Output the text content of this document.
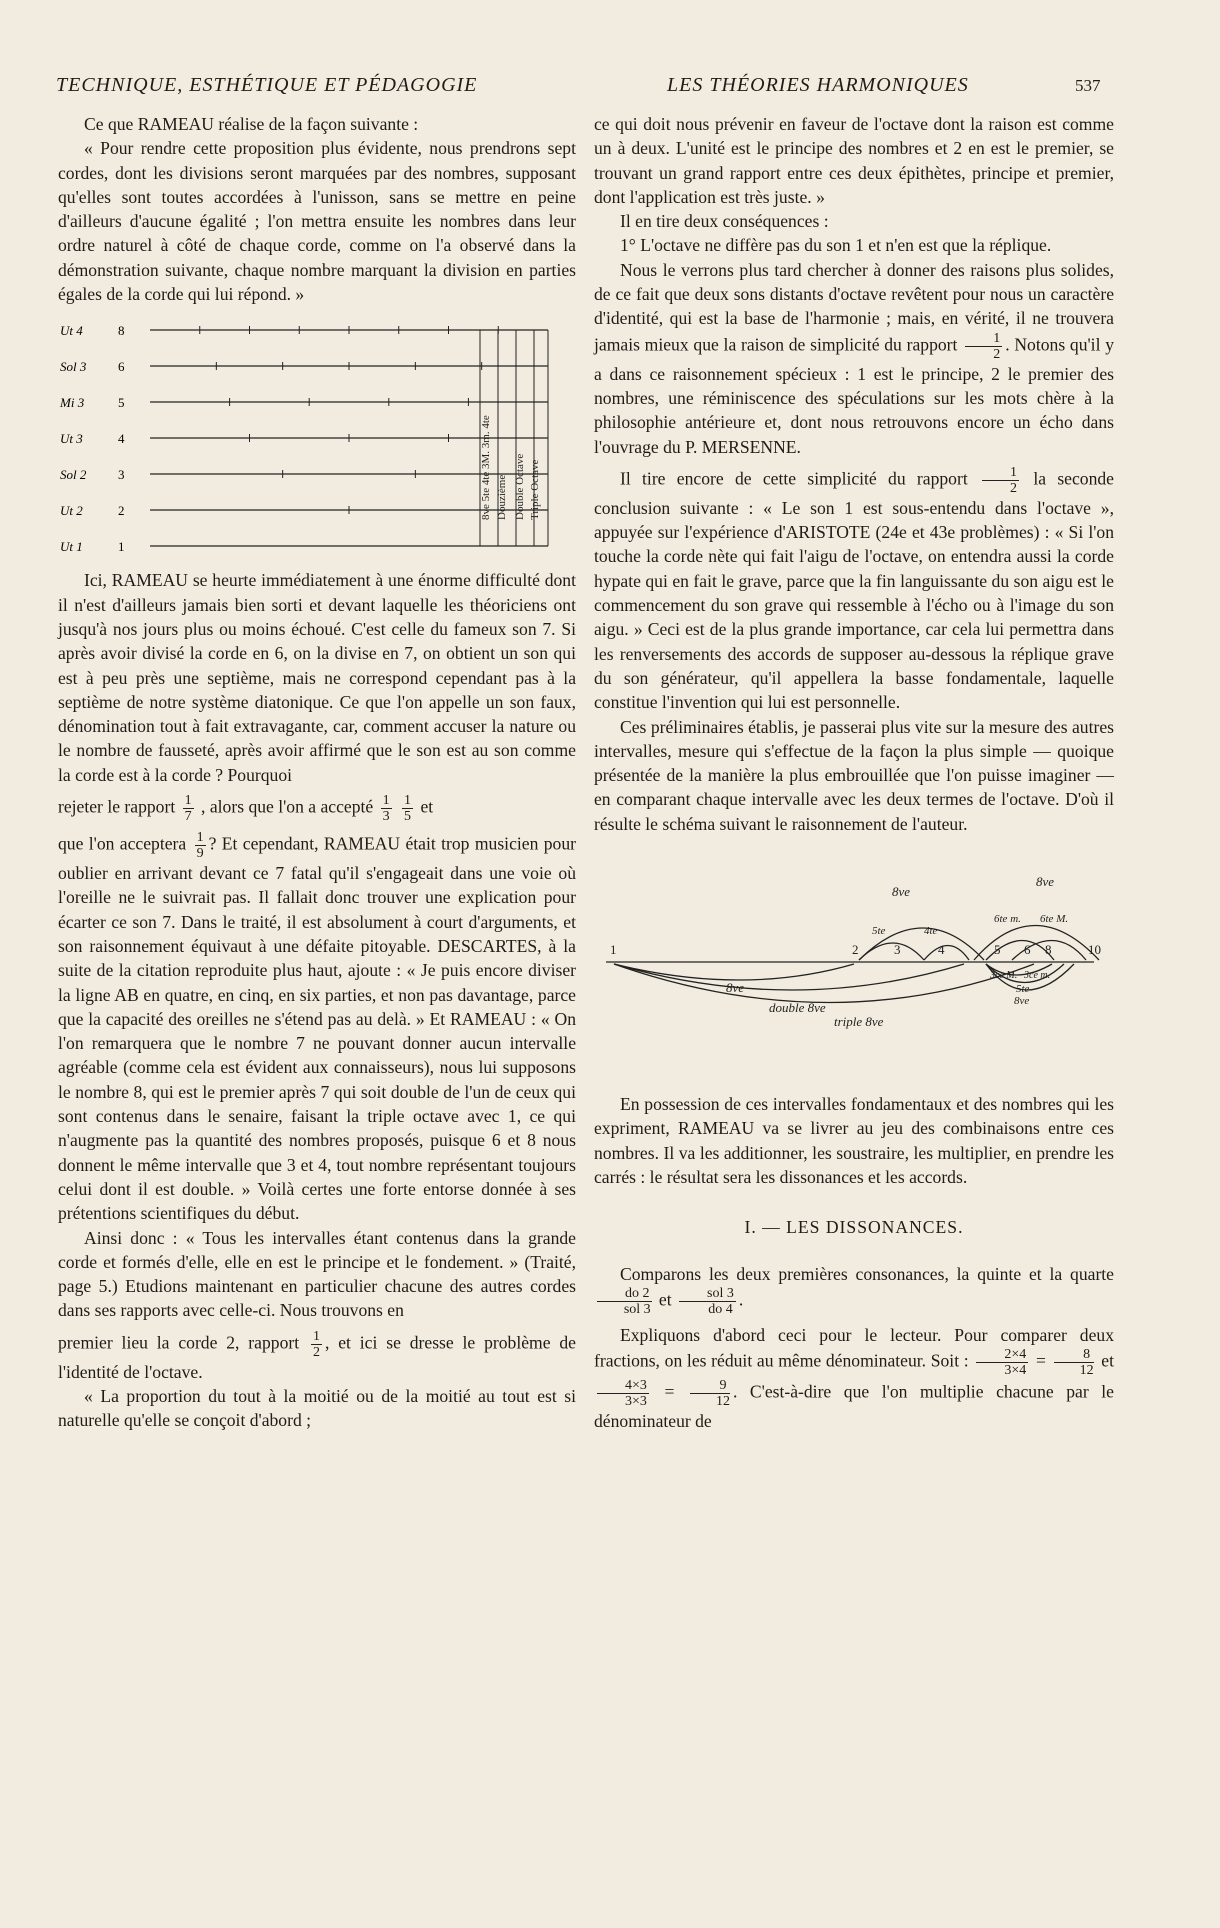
TECHNIQUE, ESTHÉTIQUE ET PÉDAGOGIE	LES THÉORIES HARMONIQUES	537

Ce que RAMEAU réalise de la façon suivante :

« Pour rendre cette proposition plus évidente, nous prendrons sept cordes, dont les divisions seront marquées par des nombres, supposant qu'elles sont toutes accordées à l'unisson, sans se mettre en peine d'ailleurs d'aucune égalité ; l'on mettra ensuite les nombres dans leur ordre naturel à côté de chaque corde, comme on l'a observé dans la démonstration suivante, chaque nombre marquant la division en parties égales de la corde qui lui répond. »

Ut 4	8
Sol 3 6
Mi 3	5
Ut 3	4
Sol 2 3
Ut 2	2
Ut 1	1
8ve 5te 4te 3M. 3m. 4te Douzième Double Octave Triple Octave

Ici, RAMEAU se heurte immédiatement à une énorme difficulté dont il n'est d'ailleurs jamais bien sorti et devant laquelle les théoriciens ont jusqu'à nos jours plus ou moins échoué. C'est celle du fameux son 7. Si après avoir divisé la corde en 6, on la divise en 7, on obtient un son qui est à peu près une septième, mais ne correspond cependant pas à la septième de notre système diatonique. Ce que l'on appelle un son faux, dénomination tout à fait extravagante, car, comment accuser la nature ou le nombre de fausseté, après avoir affirmé que le son est au son comme la corde est à la corde ? Pourquoi

rejeter le rapport $\frac{1}{7}$ , alors que l'on a accepté $\frac{1}{3}$
$\frac{1}{5}$ et

que l'on acceptera $\frac{1}{9}$ ? Et cependant, RAMEAU était trop musicien pour oublier en arrivant devant ce 7 fatal qu'il s'engageait dans une voie où l'oreille ne le suivrait pas. Il fallait donc trouver une explication pour écarter ce son 7. Dans le traité, il est absolument à court d'arguments, et son raisonnement équivaut à une défaite pitoyable. DESCARTES, à la suite de la citation reproduite plus haut, ajoute : « Je puis encore diviser la ligne AB en quatre, en cinq, en six parties, et non pas davantage, parce que la capacité des oreilles ne s'étend pas au delà. » Et RAMEAU : « On l'on remarquera que le nombre 7 ne pouvant donner aucun intervalle agréable (comme cela est évident aux connaisseurs), nous lui supposons le nombre 8, qui est le premier après 7 qui soit double de l'un de ceux qui sont contenus dans le senaire, faisant la triple octave avec 1, ce qui n'augmente pas la quantité des nombres proposés, puisque 6 et 8 nous donnent le même intervalle que 3 et 4, tout nombre représentant toujours celui dont il est double. » Voilà certes une forte entorse donnée à ses prétentions scientifiques du début.

Ainsi donc : « Tous les intervalles étant contenus dans la grande corde et formés d'elle, elle en est le principe et le fondement. » (Traité, page 5.) Etudions maintenant en particulier chacune des autres cordes dans ses rapports avec celle-ci. Nous trouvons en

premier lieu la corde 2, rapport $\frac{1}{2}$ , et ici se dresse le problème de l'identité de l'octave.

« La proportion du tout à la moitié ou de la moitié au tout est si naturelle qu'elle se conçoit d'abord ;

ce qui doit nous prévenir en faveur de l'octave dont la raison est comme un à deux. L'unité est le principe des nombres et 2 en est le premier, se trouvant un grand rapport entre ces deux épithètes, principe et premier, dont l'application est très juste. »

Il en tire deux conséquences :

1° L'octave ne diffère pas du son 1 et n'en est que la réplique.

Nous le verrons plus tard chercher à donner des raisons plus solides, de ce fait que deux sons distants d'octave revêtent pour nous un caractère d'identité, qui est la base de l'harmonie ; mais, en vérité, il ne trouvera jamais mieux que la raison de simplicité du rapport $\frac{1}{2}$ . Notons qu'il y a dans ce raisonnement spécieux : 1 est le principe, 2 le premier des nombres, une réminiscence des spéculations sur les mots chère à la philosophie antérieure et, dont nous retrouvons encore un écho dans l'ouvrage du P. MERSENNE.

Il tire encore de cette simplicité du rapport $\frac{1}{2}$ la seconde conclusion suivante : « Le son 1 est sous-entendu dans l'octave », appuyée sur l'expérience d'ARISTOTE (24e et 43e problèmes) : « Si l'on touche la corde nète qui fait l'aigu de l'octave, on entendra aussi la corde hypate qui en fait le grave, parce que la fin languissante du son aigu est le commencement du son grave qui ressemble à l'écho ou à l'image du son aigu. » Ceci est de la plus grande importance, car cela lui permettra dans les renversements des accords de supposer au-dessous la réplique grave du son générateur, qu'il appellera la basse fondamentale, laquelle constitue l'invention qui lui est personnelle.

Ces préliminaires établis, je passerai plus vite sur la mesure des autres intervalles, mesure qui s'effectue de la façon la plus simple — quoique présentée de la manière la plus embrouillée que l'on puisse imaginer — en comparant chaque intervalle avec les deux termes de l'octave. D'où il résulte le schéma suivant le raisonnement de l'auteur.

1	2	3	4	5 6 8	10
8ve
5te	4te
8ve
6te m. 6te M.
8ve
double 8ve
triple 8ve
3ce M. 3ce m.
5te
8ve

En possession de ces intervalles fondamentaux et des nombres qui les expriment, RAMEAU va se livrer au jeu des combinaisons entre ces nombres. Il va les additionner, les soustraire, les multiplier, en prendre les carrés : le résultat sera les dissonances et les accords.

I. — LES DISSONANCES.

Comparons les deux premières consonances, la quinte et la quarte
$\frac{do 2}{\text{sol 3}}$ et $\frac{\text{sol 3}}{do 4}$ .

Expliquons d'abord ceci pour le lecteur. Pour comparer deux fractions, on les réduit au même dénominateur. Soit : $\frac{2\times 4}{3\times 4} = \frac{8}{12}$ et
$\frac{4\times 3}{3\times 3} = \frac{9}{12}$ . C'est-à-dire que l'on multiplie chacune par le dénominateur de
